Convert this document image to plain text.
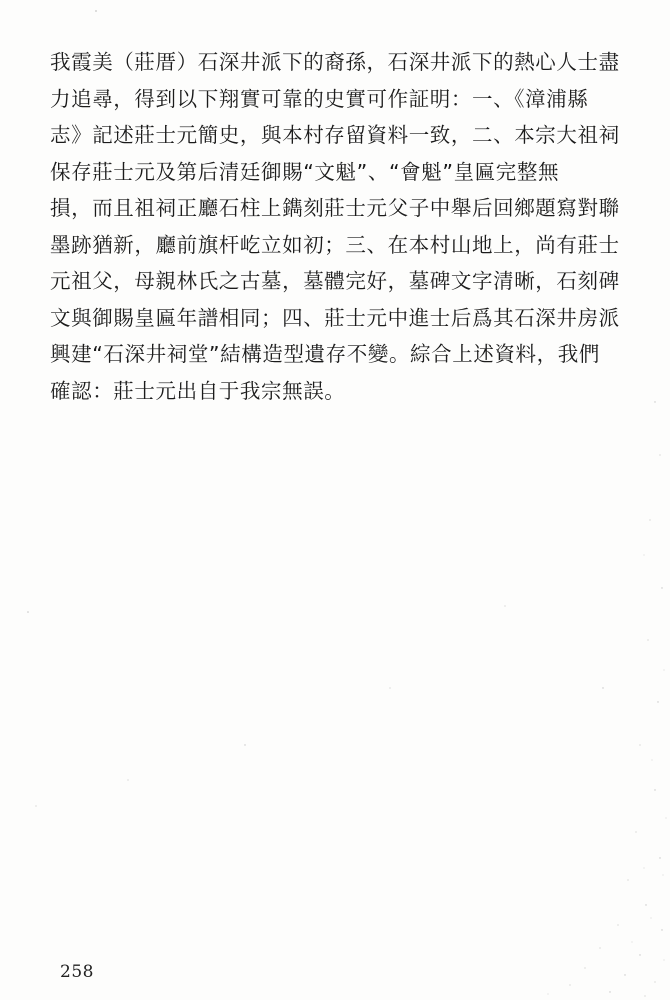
我霞美（莊厝）石深井派下的裔孫，石深井派下的熱心人士盡
力追尋，得到以下翔實可靠的史實可作証明：一、《漳浦縣
志》記述莊士元簡史，與本村存留資料一致，二、本宗大祖祠
保存莊士元及第后清廷御賜“文魁”、“會魁”皇匾完整無
損，而且祖祠正廳石柱上鐫刻莊士元父子中舉后回鄉題寫對聯
墨跡猶新，廳前旗杆屹立如初；三、在本村山地上，尚有莊士
元祖父，母親林氏之古墓，墓體完好，墓碑文字清晰，石刻碑
文與御賜皇匾年譜相同；四、莊士元中進士后爲其石深井房派
興建“石深井祠堂”結構造型遺存不變。綜合上述資料，我們
確認：莊士元出自于我宗無誤。
258
